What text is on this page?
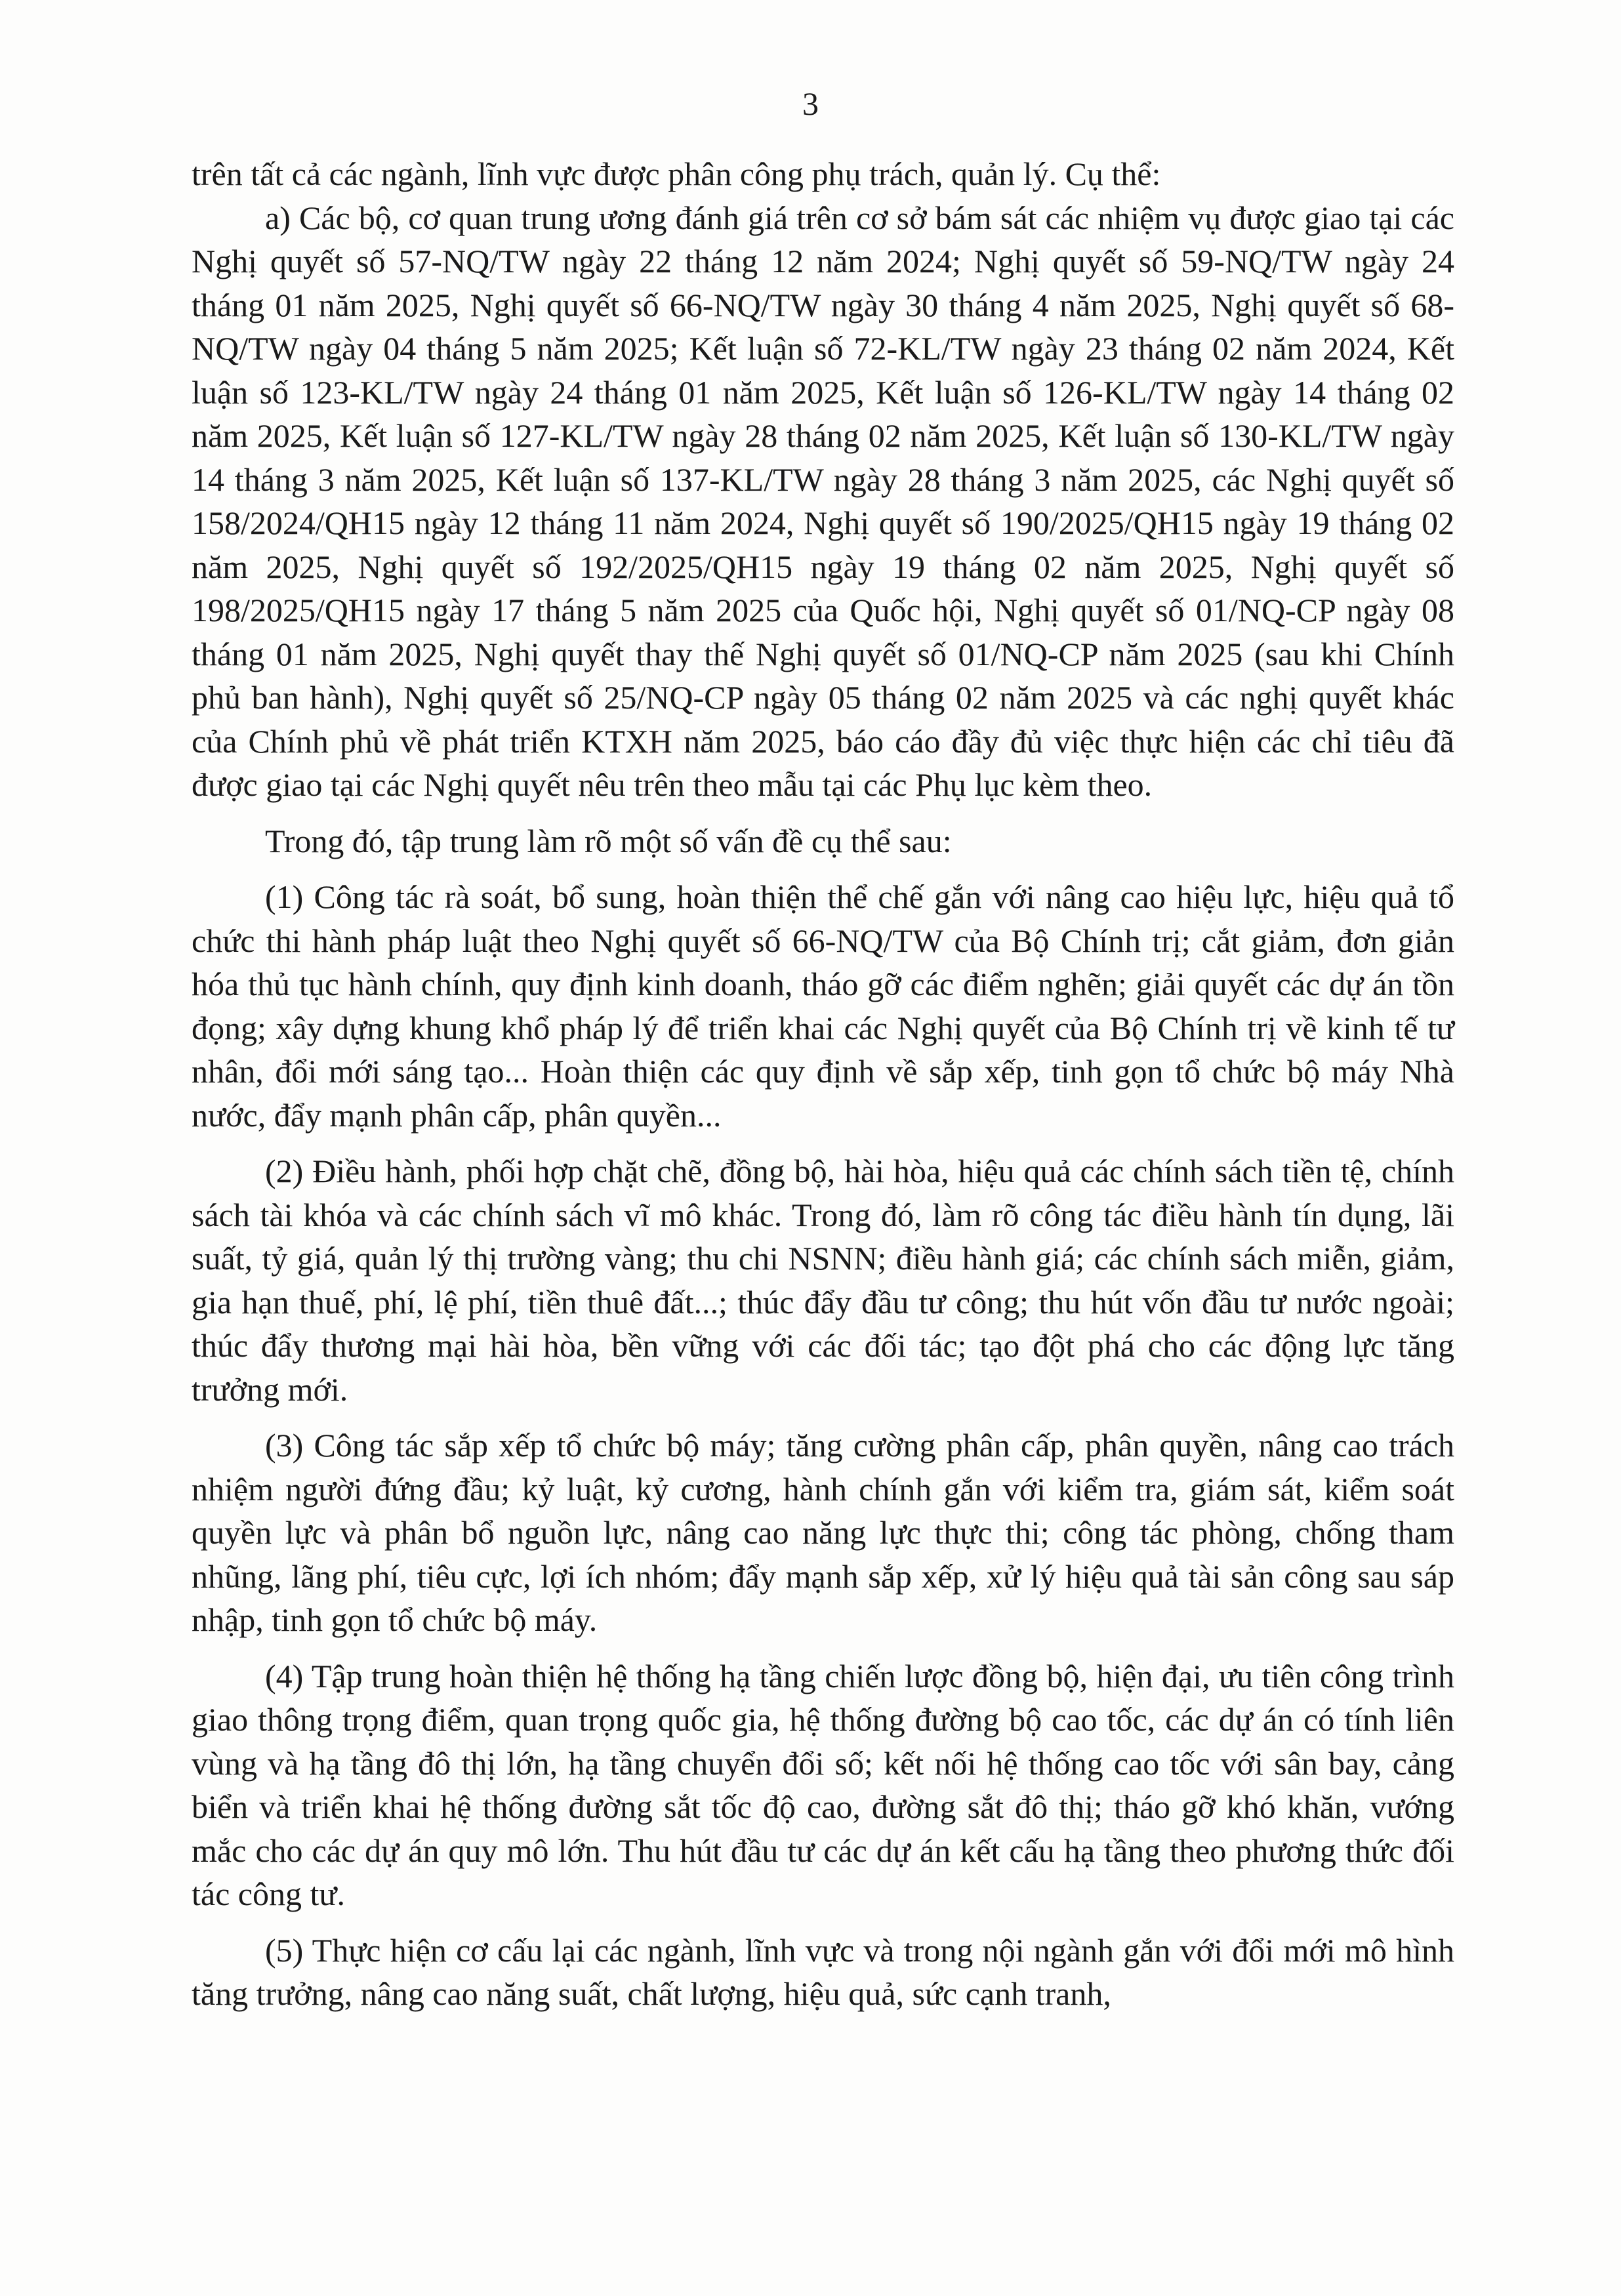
3

trên tất cả các ngành, lĩnh vực được phân công phụ trách, quản lý. Cụ thể:

a) Các bộ, cơ quan trung ương đánh giá trên cơ sở bám sát các nhiệm vụ được giao tại các Nghị quyết số 57-NQ/TW ngày 22 tháng 12 năm 2024; Nghị quyết số 59-NQ/TW ngày 24 tháng 01 năm 2025, Nghị quyết số 66-NQ/TW ngày 30 tháng 4 năm 2025, Nghị quyết số 68-NQ/TW ngày 04 tháng 5 năm 2025; Kết luận số 72-KL/TW ngày 23 tháng 02 năm 2024, Kết luận số 123-KL/TW ngày 24 tháng 01 năm 2025, Kết luận số 126-KL/TW ngày 14 tháng 02 năm 2025, Kết luận số 127-KL/TW ngày 28 tháng 02 năm 2025, Kết luận số 130-KL/TW ngày 14 tháng 3 năm 2025, Kết luận số 137-KL/TW ngày 28 tháng 3 năm 2025, các Nghị quyết số 158/2024/QH15 ngày 12 tháng 11 năm 2024, Nghị quyết số 190/2025/QH15 ngày 19 tháng 02 năm 2025, Nghị quyết số 192/2025/QH15 ngày 19 tháng 02 năm 2025, Nghị quyết số 198/2025/QH15 ngày 17 tháng 5 năm 2025 của Quốc hội, Nghị quyết số 01/NQ-CP ngày 08 tháng 01 năm 2025, Nghị quyết thay thế Nghị quyết số 01/NQ-CP năm 2025 (sau khi Chính phủ ban hành), Nghị quyết số 25/NQ-CP ngày 05 tháng 02 năm 2025 và các nghị quyết khác của Chính phủ về phát triển KTXH năm 2025, báo cáo đầy đủ việc thực hiện các chỉ tiêu đã được giao tại các Nghị quyết nêu trên theo mẫu tại các Phụ lục kèm theo.

Trong đó, tập trung làm rõ một số vấn đề cụ thể sau:

(1) Công tác rà soát, bổ sung, hoàn thiện thể chế gắn với nâng cao hiệu lực, hiệu quả tổ chức thi hành pháp luật theo Nghị quyết số 66-NQ/TW của Bộ Chính trị; cắt giảm, đơn giản hóa thủ tục hành chính, quy định kinh doanh, tháo gỡ các điểm nghẽn; giải quyết các dự án tồn đọng; xây dựng khung khổ pháp lý để triển khai các Nghị quyết của Bộ Chính trị về kinh tế tư nhân, đổi mới sáng tạo... Hoàn thiện các quy định về sắp xếp, tinh gọn tổ chức bộ máy Nhà nước, đẩy mạnh phân cấp, phân quyền...

(2) Điều hành, phối hợp chặt chẽ, đồng bộ, hài hòa, hiệu quả các chính sách tiền tệ, chính sách tài khóa và các chính sách vĩ mô khác. Trong đó, làm rõ công tác điều hành tín dụng, lãi suất, tỷ giá, quản lý thị trường vàng; thu chi NSNN; điều hành giá; các chính sách miễn, giảm, gia hạn thuế, phí, lệ phí, tiền thuê đất...; thúc đẩy đầu tư công; thu hút vốn đầu tư nước ngoài; thúc đẩy thương mại hài hòa, bền vững với các đối tác; tạo đột phá cho các động lực tăng trưởng mới.

(3) Công tác sắp xếp tổ chức bộ máy; tăng cường phân cấp, phân quyền, nâng cao trách nhiệm người đứng đầu; kỷ luật, kỷ cương, hành chính gắn với kiểm tra, giám sát, kiểm soát quyền lực và phân bổ nguồn lực, nâng cao năng lực thực thi; công tác phòng, chống tham nhũng, lãng phí, tiêu cực, lợi ích nhóm; đẩy mạnh sắp xếp, xử lý hiệu quả tài sản công sau sáp nhập, tinh gọn tổ chức bộ máy.

(4) Tập trung hoàn thiện hệ thống hạ tầng chiến lược đồng bộ, hiện đại, ưu tiên công trình giao thông trọng điểm, quan trọng quốc gia, hệ thống đường bộ cao tốc, các dự án có tính liên vùng và hạ tầng đô thị lớn, hạ tầng chuyển đổi số; kết nối hệ thống cao tốc với sân bay, cảng biển và triển khai hệ thống đường sắt tốc độ cao, đường sắt đô thị; tháo gỡ khó khăn, vướng mắc cho các dự án quy mô lớn. Thu hút đầu tư các dự án kết cấu hạ tầng theo phương thức đối tác công tư.

(5) Thực hiện cơ cấu lại các ngành, lĩnh vực và trong nội ngành gắn với đổi mới mô hình tăng trưởng, nâng cao năng suất, chất lượng, hiệu quả, sức cạnh tranh,
